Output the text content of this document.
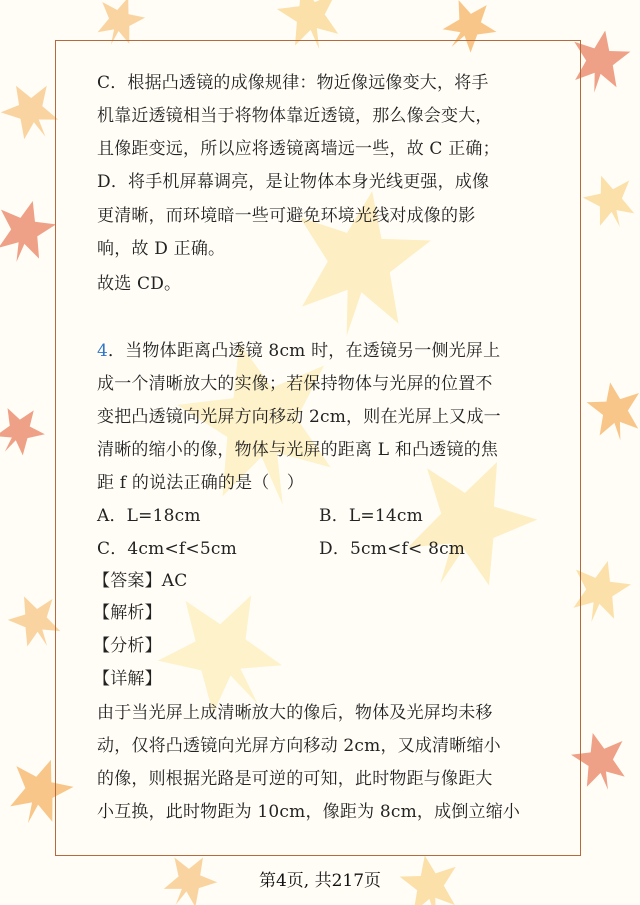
C．根据凸透镜的成像规律：物近像远像变大，将手
机靠近透镜相当于将物体靠近透镜，那么像会变大，
且像距变远，所以应将透镜离墙远一些，故 C 正确；
D．将手机屏幕调亮，是让物体本身光线更强，成像
更清晰，而环境暗一些可避免环境光线对成像的影
响，故 D 正确。
故选 CD。
4．当物体距离凸透镜 8cm 时，在透镜另一侧光屏上
成一个清晰放大的实像；若保持物体与光屏的位置不
变把凸透镜向光屏方向移动 2cm，则在光屏上又成一
清晰的缩小的像，物体与光屏的距离 L 和凸透镜的焦
距 f 的说法正确的是（　）
A．L=18cm	B．L=14cm
C．4cm<f<5cm	D．5cm<f< 8cm
【答案】AC
【解析】
【分析】
【详解】
由于当光屏上成清晰放大的像后，物体及光屏均未移
动，仅将凸透镜向光屏方向移动 2cm，又成清晰缩小
的像，则根据光路是可逆的可知，此时物距与像距大
小互换，此时物距为 10cm，像距为 8cm，成倒立缩小
第4页, 共217页
